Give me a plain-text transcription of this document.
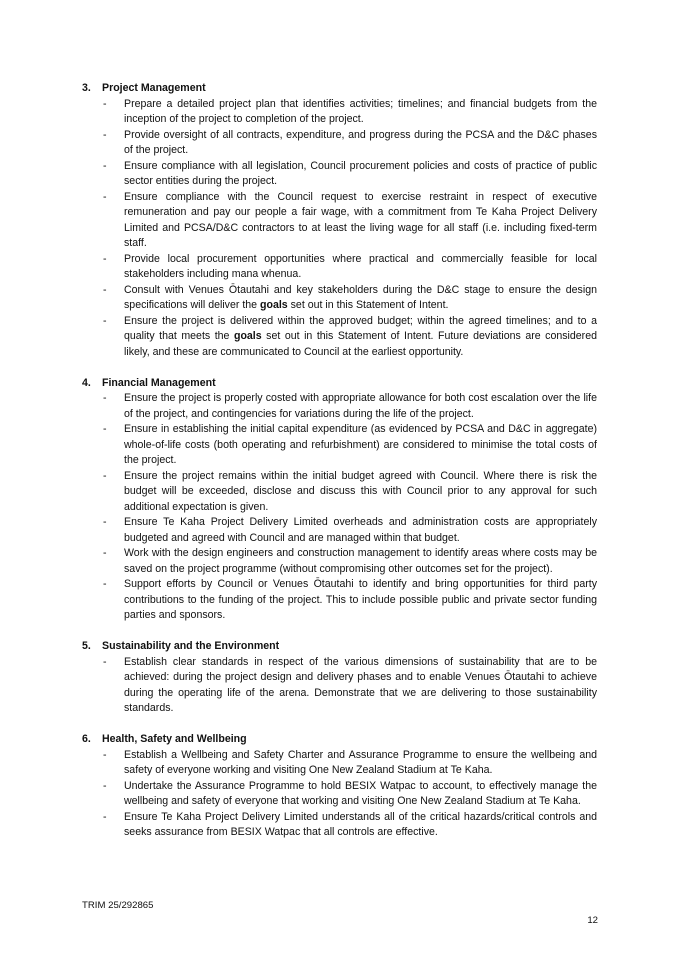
3.	Project Management
-	Prepare a detailed project plan that identifies activities; timelines; and financial budgets from the inception of the project to completion of the project.
-	Provide oversight of all contracts, expenditure, and progress during the PCSA and the D&C phases of the project.
-	Ensure compliance with all legislation, Council procurement policies and costs of practice of public sector entities during the project.
-	Ensure compliance with the Council request to exercise restraint in respect of executive remuneration and pay our people a fair wage, with a commitment from Te Kaha Project Delivery Limited and PCSA/D&C contractors to at least the living wage for all staff (i.e. including fixed-term staff.
-	Provide local procurement opportunities where practical and commercially feasible for local stakeholders including mana whenua.
-	Consult with Venues Ōtautahi and key stakeholders during the D&C stage to ensure the design specifications will deliver the goals set out in this Statement of Intent.
-	Ensure the project is delivered within the approved budget; within the agreed timelines; and to a quality that meets the goals set out in this Statement of Intent. Future deviations are considered likely, and these are communicated to Council at the earliest opportunity.
4.	Financial Management
-	Ensure the project is properly costed with appropriate allowance for both cost escalation over the life of the project, and contingencies for variations during the life of the project.
-	Ensure in establishing the initial capital expenditure (as evidenced by PCSA and D&C in aggregate) whole-of-life costs (both operating and refurbishment) are considered to minimise the total costs of the project.
-	Ensure the project remains within the initial budget agreed with Council. Where there is risk the budget will be exceeded, disclose and discuss this with Council prior to any approval for such additional expectation is given.
-	Ensure Te Kaha Project Delivery Limited overheads and administration costs are appropriately budgeted and agreed with Council and are managed within that budget.
-	Work with the design engineers and construction management to identify areas where costs may be saved on the project programme (without compromising other outcomes set for the project).
-	Support efforts by Council or Venues Ōtautahi to identify and bring opportunities for third party contributions to the funding of the project. This to include possible public and private sector funding parties and sponsors.
5.	Sustainability and the Environment
-	Establish clear standards in respect of the various dimensions of sustainability that are to be achieved: during the project design and delivery phases and to enable Venues Ōtautahi to achieve during the operating life of the arena. Demonstrate that we are delivering to those sustainability standards.
6.	Health, Safety and Wellbeing
-	Establish a Wellbeing and Safety Charter and Assurance Programme to ensure the wellbeing and safety of everyone working and visiting One New Zealand Stadium at Te Kaha.
-	Undertake the Assurance Programme to hold BESIX Watpac to account, to effectively manage the wellbeing and safety of everyone that working and visiting One New Zealand Stadium at Te Kaha.
-	Ensure Te Kaha Project Delivery Limited understands all of the critical hazards/critical controls and seeks assurance from BESIX Watpac that all controls are effective.
TRIM 25/292865
12
